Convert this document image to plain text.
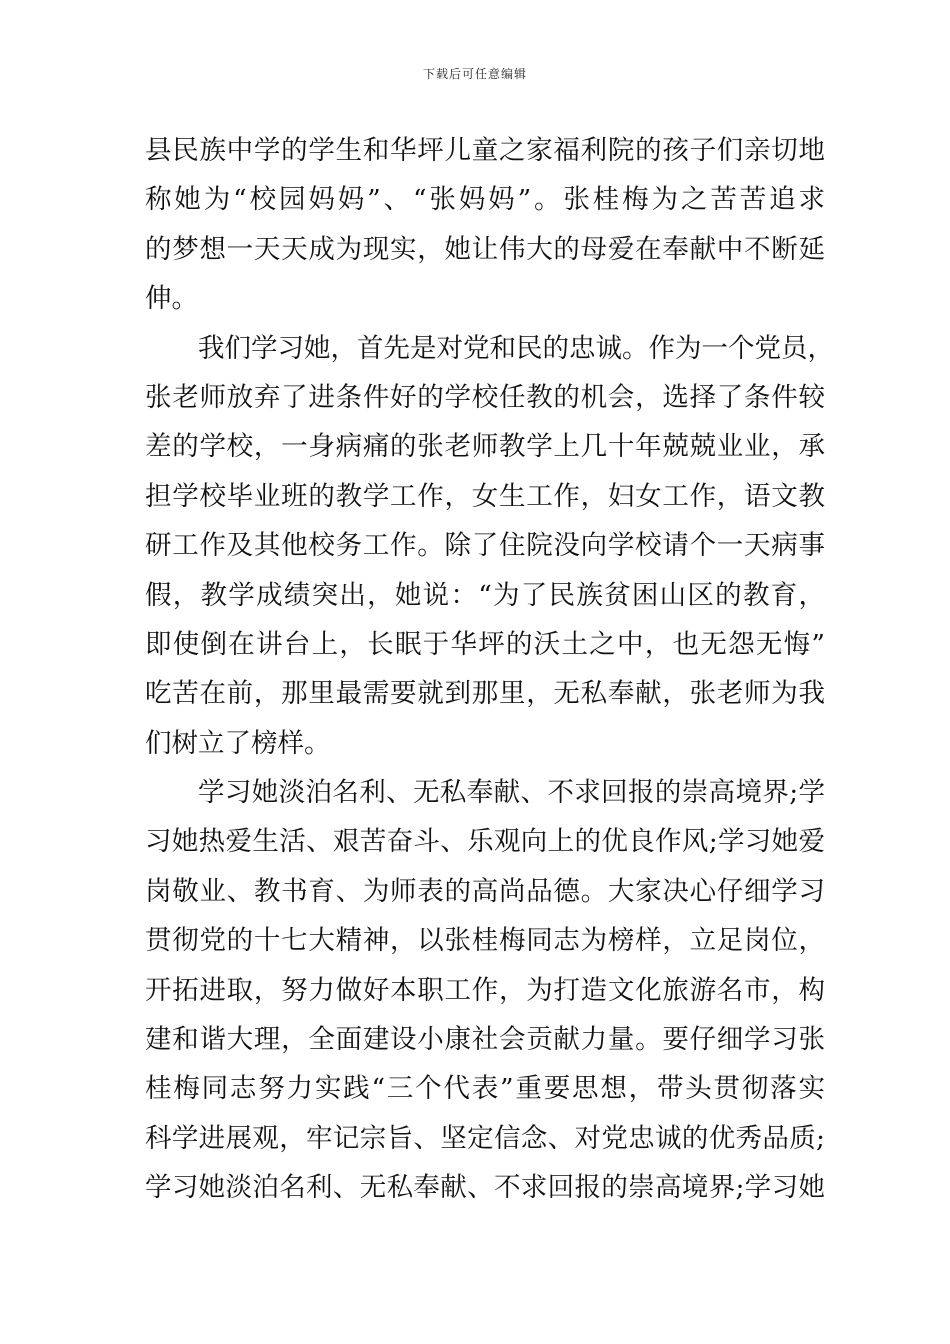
下载后可任意编辑
县民族中学的学生和华坪儿童之家福利院的孩子们亲切地
称她为“校园妈妈”、“张妈妈”。张桂梅为之苦苦追求
的梦想一天天成为现实，她让伟大的母爱在奉献中不断延
伸。
我们学习她，首先是对党和民的忠诚。作为一个党员，
张老师放弃了进条件好的学校任教的机会，选择了条件较
差的学校，一身病痛的张老师教学上几十年兢兢业业，承
担学校毕业班的教学工作，女生工作，妇女工作，语文教
研工作及其他校务工作。除了住院没向学校请个一天病事
假，教学成绩突出，她说：“为了民族贫困山区的教育，
即使倒在讲台上，长眠于华坪的沃土之中，也无怨无悔”
吃苦在前，那里最需要就到那里，无私奉献，张老师为我
们树立了榜样。
学习她淡泊名利、无私奉献、不求回报的崇高境界;学
习她热爱生活、艰苦奋斗、乐观向上的优良作风;学习她爱
岗敬业、教书育、为师表的高尚品德。大家决心仔细学习
贯彻党的十七大精神，以张桂梅同志为榜样，立足岗位，
开拓进取，努力做好本职工作，为打造文化旅游名市，构
建和谐大理，全面建设小康社会贡献力量。要仔细学习张
桂梅同志努力实践“三个代表”重要思想，带头贯彻落实
科学进展观，牢记宗旨、坚定信念、对党忠诚的优秀品质;
学习她淡泊名利、无私奉献、不求回报的崇高境界;学习她
